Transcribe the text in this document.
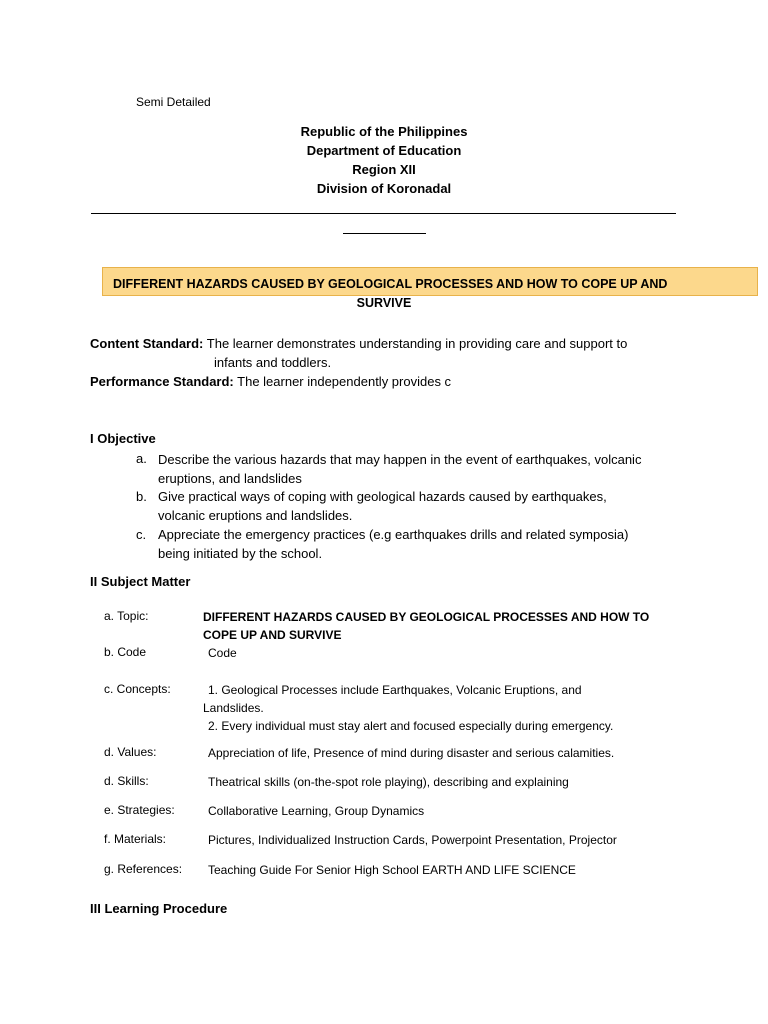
Semi Detailed
Republic of the Philippines
Department of Education
Region XII
Division of Koronadal
DIFFERENT HAZARDS CAUSED BY GEOLOGICAL PROCESSES AND HOW TO COPE UP AND
SURVIVE
Content Standard: The learner demonstrates understanding in providing care and support to
infants and toddlers.
Performance Standard: The learner independently provides c
I Objective
a. Describe the various hazards that may happen in the event of earthquakes, volcanic
eruptions, and landslides
b. Give practical ways of coping with geological hazards caused by earthquakes,
volcanic eruptions and landslides.
c. Appreciate the emergency practices (e.g earthquakes drills and related symposia)
being initiated by the school.
II Subject Matter
a. Topic:	DIFFERENT HAZARDS CAUSED BY GEOLOGICAL PROCESSES AND HOW TO
COPE UP AND SURVIVE
b. Code	Code
c. Concepts:	1. Geological Processes include Earthquakes, Volcanic Eruptions, and
Landslides.
2. Every individual must stay alert and focused especially during emergency.
d. Values:	Appreciation of life, Presence of mind during disaster and serious calamities.
d. Skills:	Theatrical skills (on-the-spot role playing), describing and explaining
e. Strategies:	Collaborative Learning, Group Dynamics
f. Materials:	Pictures, Individualized Instruction Cards, Powerpoint Presentation, Projector
g. References: Teaching Guide For Senior High School EARTH AND LIFE SCIENCE
III Learning Procedure
